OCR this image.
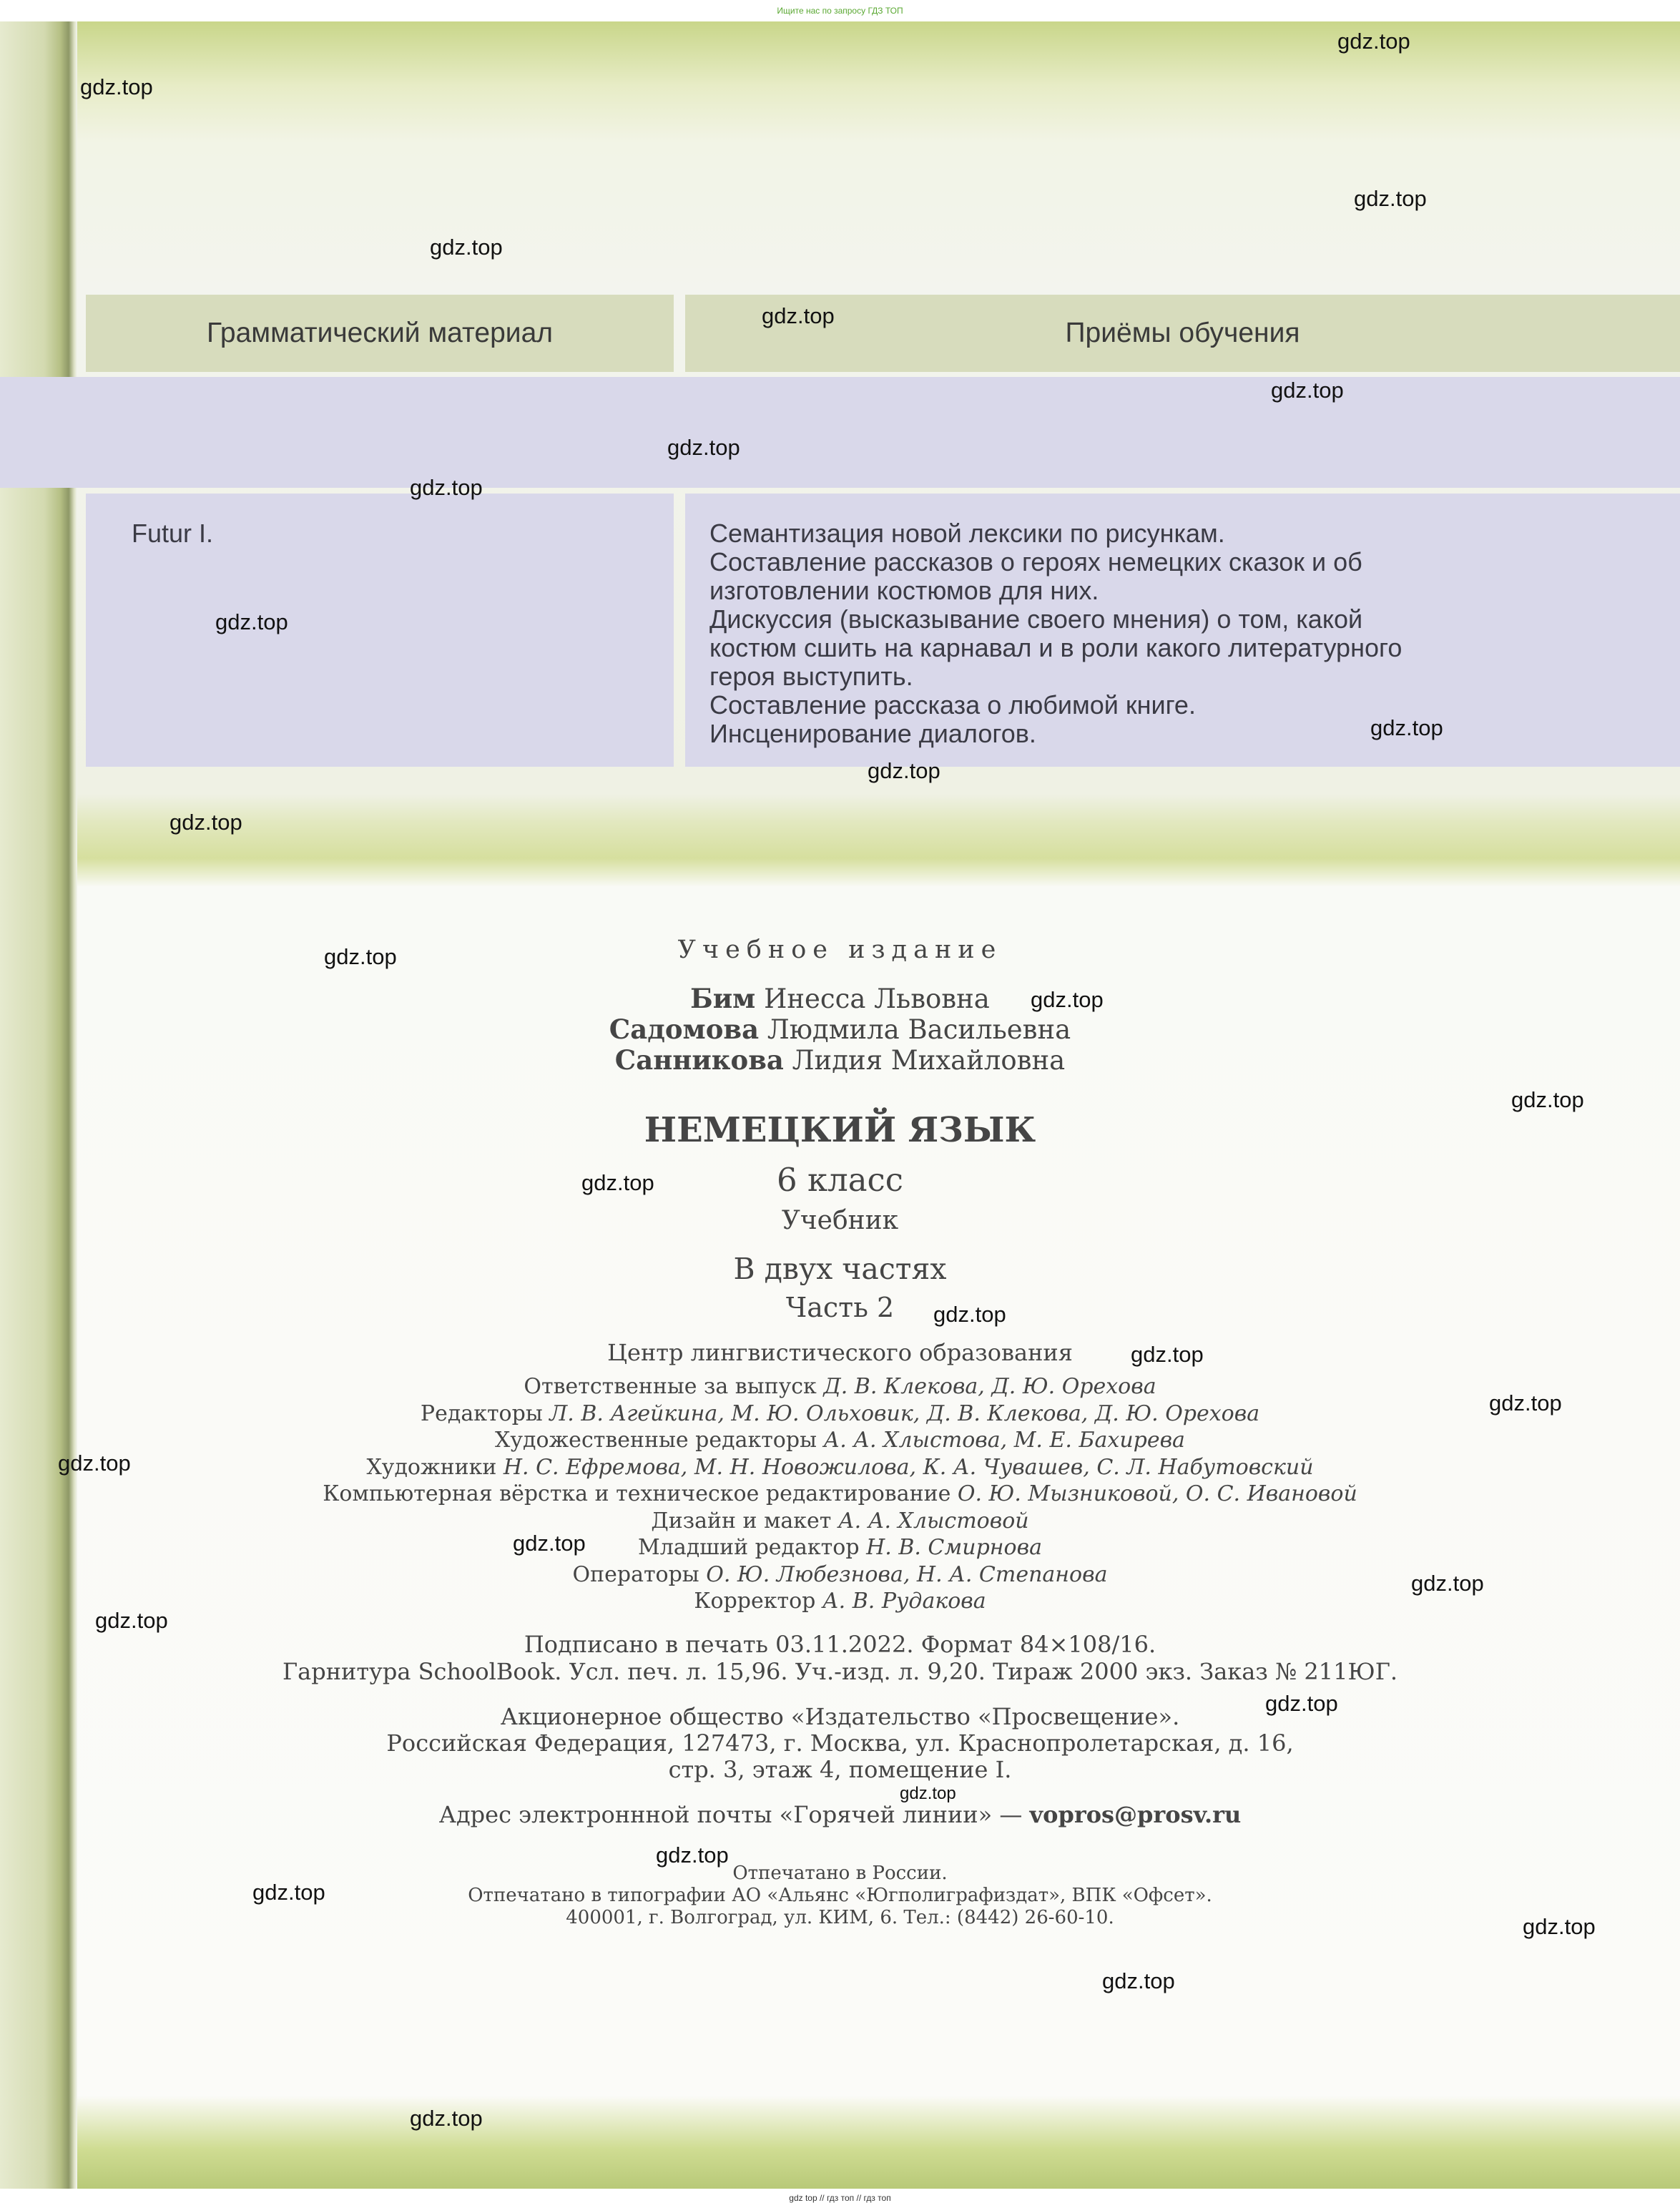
Ищите нас по запросу ГДЗ ТОП
Грамматический материал	Приёмы обучения
Futur I.	Семантизация новой лексики по рисункам.
Составление рассказов о героях немецких сказок и об
изготовлении костюмов для них.
Дискуссия (высказывание своего мнения) о том, какой
костюм сшить на карнавал и в роли какого литературного
героя выступить.
Составление рассказа о любимой книге.
Инсценирование диалогов.
Учебное издание
Бим Инесса Львовна
Садомова Людмила Васильевна
Санникова Лидия Михайловна
НЕМЕЦКИЙ ЯЗЫК
6 класс
Учебник
В двух частях
Часть 2
Центр лингвистического образования
Ответственные за выпуск Д. В. Клекова, Д. Ю. Орехова
Редакторы Л. В. Агейкина, М. Ю. Ольховик, Д. В. Клекова, Д. Ю. Орехова
Художественные редакторы А. А. Хлыстова, М. Е. Бахирева
Художники Н. С. Ефремова, М. Н. Новожилова, К. А. Чувашев, С. Л. Набутовский
Компьютерная вёрстка и техническое редактирование О. Ю. Мызниковой, О. С. Ивановой
Дизайн и макет А. А. Хлыстовой
Младший редактор Н. В. Смирнова
Операторы О. Ю. Любезнова, Н. А. Степанова
Корректор А. В. Рудакова
Подписано в печать 03.11.2022. Формат 84×108/16.
Гарнитура SchoolBook. Усл. печ. л. 15,96. Уч.-изд. л. 9,20. Тираж 2000 экз. Заказ № 211ЮГ.
Акционерное общество «Издательство «Просвещение».
Российская Федерация, 127473, г. Москва, ул. Краснопролетарская, д. 16,
стр. 3, этаж 4, помещение I.
Адрес электроннной почты «Горячей линии» — vopros@prosv.ru
Отпечатано в России.
Отпечатано в типографии АО «Альянс «Югполиграфиздат», ВПК «Офсет».
400001, г. Волгоград, ул. КИМ, 6. Тел.: (8442) 26-60-10.
gdz.top
gdz.top
gdz.top
gdz.top
gdz.top
gdz.top
gdz.top
gdz.top
gdz.top
gdz.top
gdz.top
gdz.top
gdz.top
gdz.top
gdz.top
gdz.top
gdz.top
gdz.top
gdz.top
gdz.top
gdz.top
gdz.top
gdz.top
gdz.top
gdz.top
gdz.top
gdz.top
gdz.top
gdz.top
gdz.top
gdz top // гдз топ // гдз топ
